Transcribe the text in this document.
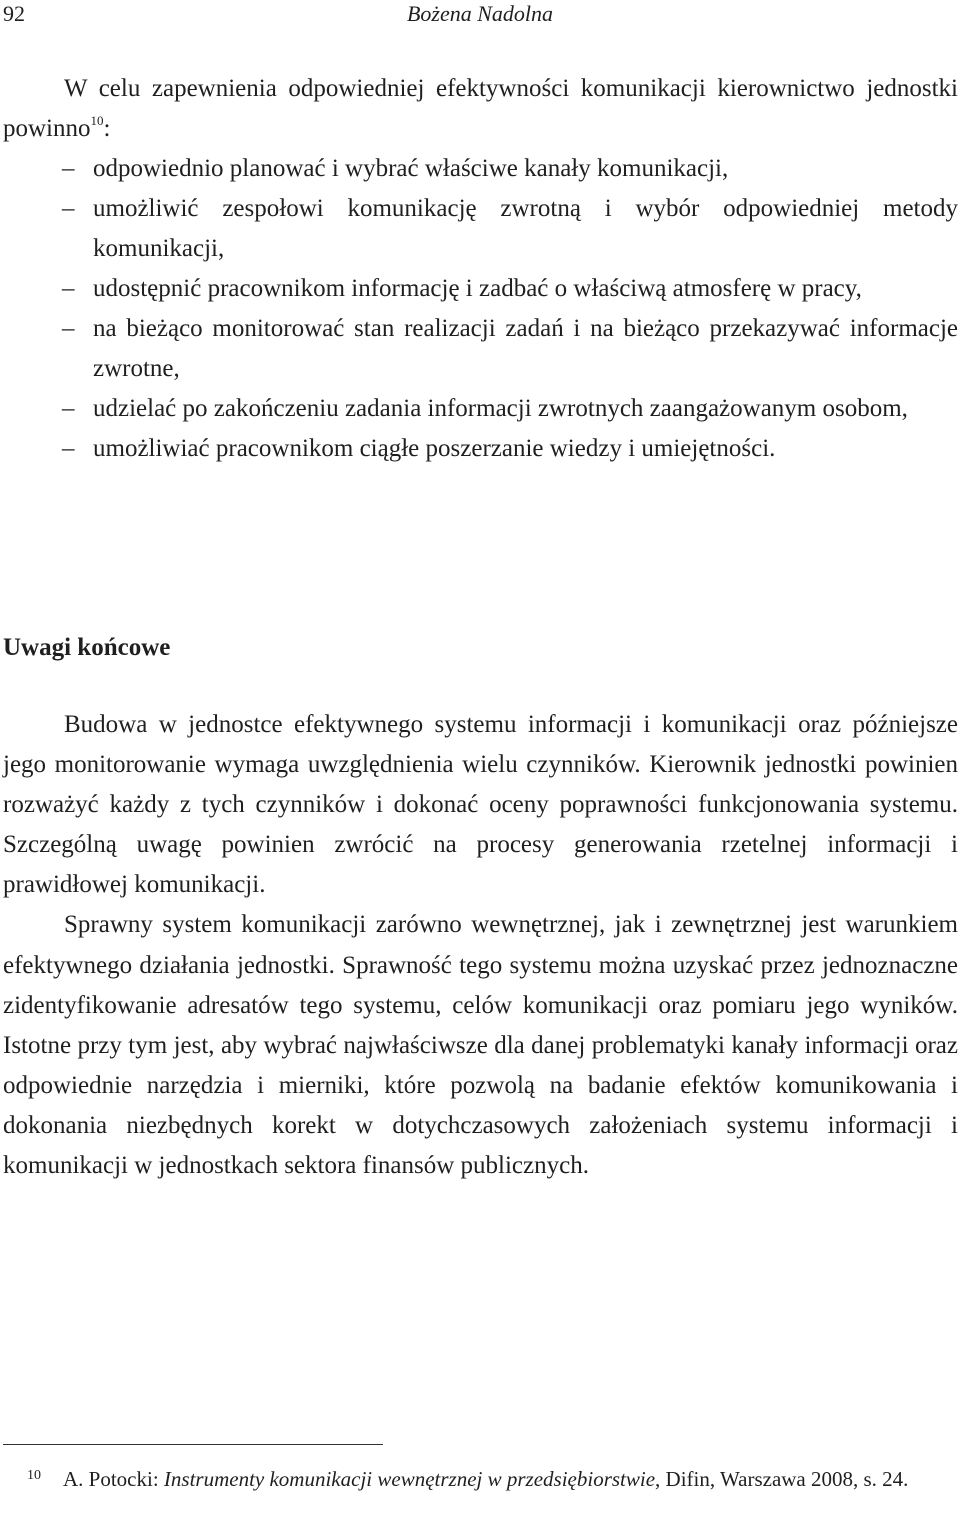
92	Bożena Nadolna

W celu zapewnienia odpowiedniej efektywności komunikacji kierownictwo jednostki powinno$^{10}$:

– odpowiednio planować i wybrać właściwe kanały komunikacji,
– umożliwić zespołowi komunikację zwrotną i wybór odpowiedniej metody komunikacji,
– udostępnić pracownikom informację i zadbać o właściwą atmosferę w pracy,
– na bieżąco monitorować stan realizacji zadań i na bieżąco przekazywać informacje zwrotne,
– udzielać po zakończeniu zadania informacji zwrotnych zaangażowanym osobom,
– umożliwiać pracownikom ciągłe poszerzanie wiedzy i umiejętności.
Uwagi końcowe

Budowa w jednostce efektywnego systemu informacji i komunikacji oraz późniejsze jego monitorowanie wymaga uwzględnienia wielu czynników. Kierownik jednostki powinien rozważyć każdy z tych czynników i dokonać oceny poprawności funkcjonowania systemu. Szczególną uwagę powinien zwrócić na procesy generowania rzetelnej informacji i prawidłowej komunikacji.

Sprawny system komunikacji zarówno wewnętrznej, jak i zewnętrznej jest warunkiem efektywnego działania jednostki. Sprawność tego systemu można uzyskać przez jednoznaczne zidentyfikowanie adresatów tego systemu, celów komunikacji oraz pomiaru jego wyników. Istotne przy tym jest, aby wybrać najwłaściwsze dla danej problematyki kanały informacji oraz odpowiednie narzędzia i mierniki, które pozwolą na badanie efektów komunikowania i dokonania niezbędnych korekt w dotychczasowych założeniach systemu informacji i komunikacji w jednostkach sektora finansów publicznych.

$^{10}$ A. Potocki: Instrumenty komunikacji wewnętrznej w przedsiębiorstwie, Difin, Warszawa 2008, s. 24.
